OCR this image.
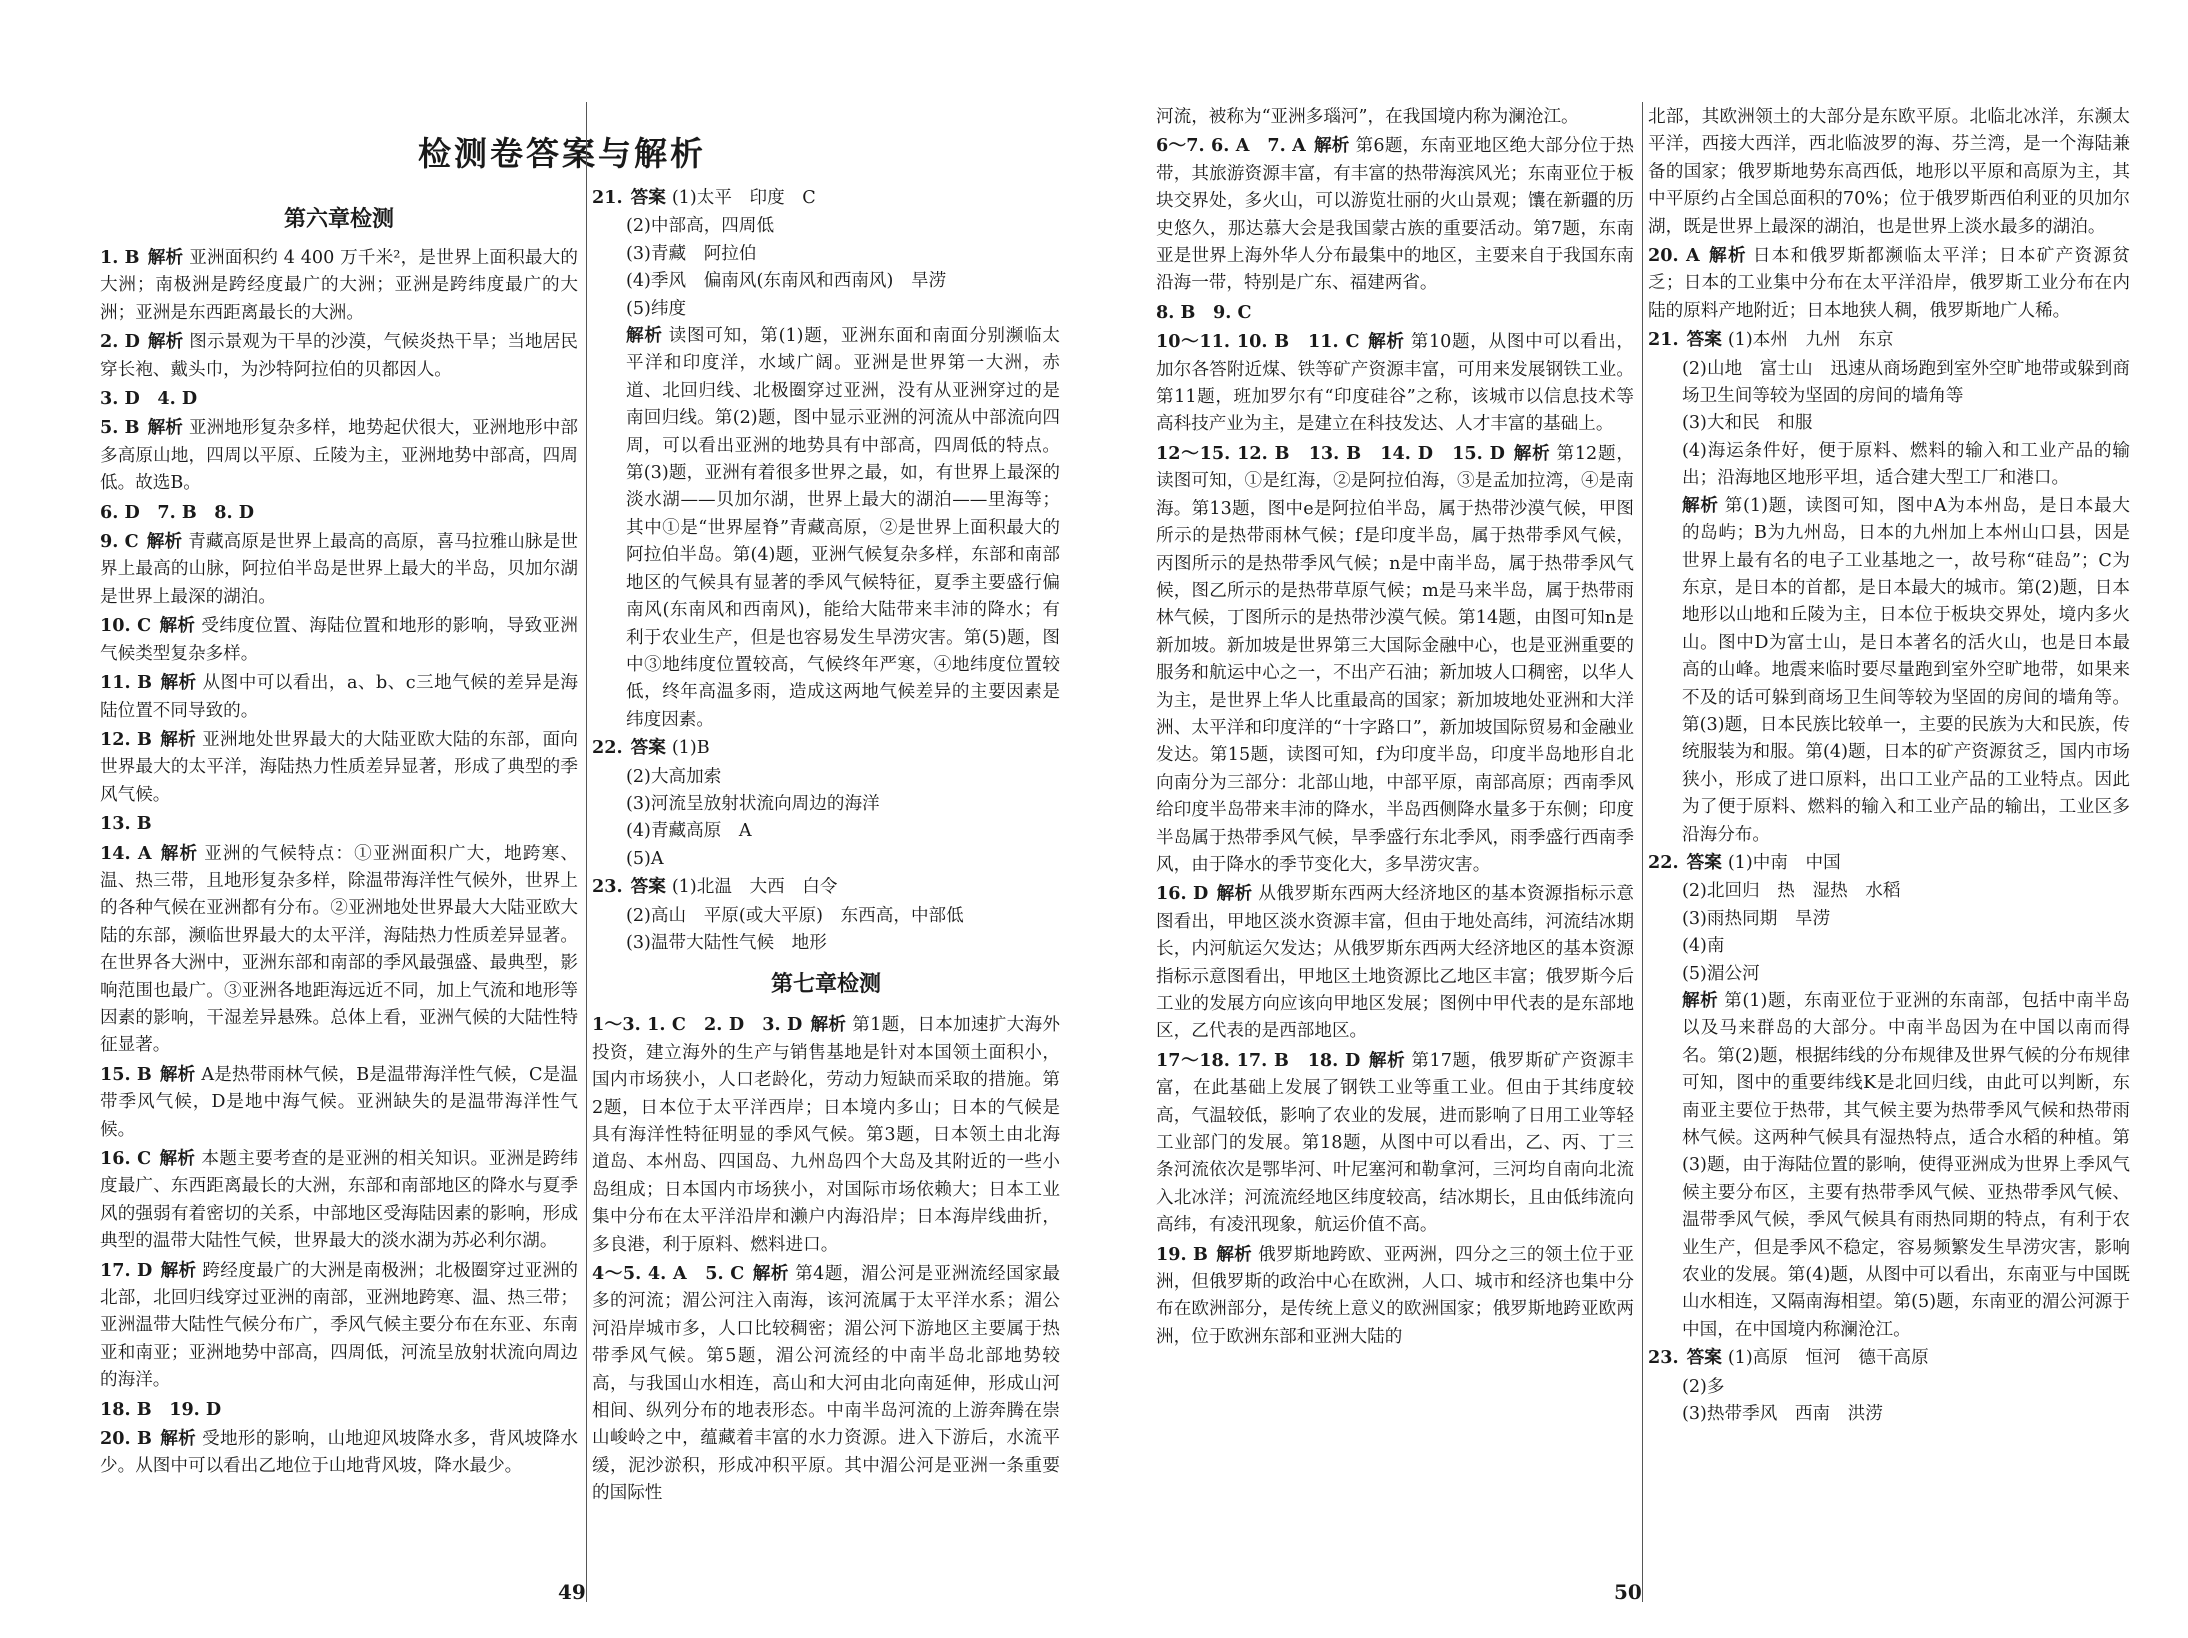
检测卷答案与解析
第六章检测

1. B 解析 亚洲面积约 4 400 万千米²，是世界上面积最大的大洲；南极洲是跨经度最广的大洲；亚洲是跨纬度最广的大洲；亚洲是东西距离最长的大洲。

2. D 解析 图示景观为干旱的沙漠，气候炎热干旱；当地居民穿长袍、戴头巾，为沙特阿拉伯的贝都因人。

3. D　4. D

5. B 解析 亚洲地形复杂多样，地势起伏很大，亚洲地形中部多高原山地，四周以平原、丘陵为主，亚洲地势中部高，四周低。故选B。

6. D　7. B　8. D

9. C 解析 青藏高原是世界上最高的高原，喜马拉雅山脉是世界上最高的山脉，阿拉伯半岛是世界上最大的半岛，贝加尔湖是世界上最深的湖泊。

10. C 解析 受纬度位置、海陆位置和地形的影响，导致亚洲气候类型复杂多样。

11. B 解析 从图中可以看出，a、b、c三地气候的差异是海陆位置不同导致的。

12. B 解析 亚洲地处世界最大的大陆亚欧大陆的东部，面向世界最大的太平洋，海陆热力性质差异显著，形成了典型的季风气候。

13. B

14. A 解析 亚洲的气候特点：①亚洲面积广大，地跨寒、温、热三带，且地形复杂多样，除温带海洋性气候外，世界上的各种气候在亚洲都有分布。②亚洲地处世界最大大陆亚欧大陆的东部，濒临世界最大的太平洋，海陆热力性质差异显著。在世界各大洲中，亚洲东部和南部的季风最强盛、最典型，影响范围也最广。③亚洲各地距海远近不同，加上气流和地形等因素的影响，干湿差异悬殊。总体上看，亚洲气候的大陆性特征显著。

15. B 解析 A是热带雨林气候，B是温带海洋性气候，C是温带季风气候，D是地中海气候。亚洲缺失的是温带海洋性气候。

16. C 解析 本题主要考查的是亚洲的相关知识。亚洲是跨纬度最广、东西距离最长的大洲，东部和南部地区的降水与夏季风的强弱有着密切的关系，中部地区受海陆因素的影响，形成典型的温带大陆性气候，世界最大的淡水湖为苏必利尔湖。

17. D 解析 跨经度最广的大洲是南极洲；北极圈穿过亚洲的北部，北回归线穿过亚洲的南部，亚洲地跨寒、温、热三带；亚洲温带大陆性气候分布广，季风气候主要分布在东亚、东南亚和南亚；亚洲地势中部高，四周低，河流呈放射状流向周边的海洋。

18. B　19. D

20. B 解析 受地形的影响，山地迎风坡降水多，背风坡降水少。从图中可以看出乙地位于山地背风坡，降水最少。

21. 答案 (1)太平　印度　C

(2)中部高，四周低

(3)青藏　阿拉伯

(4)季风　偏南风(东南风和西南风)　旱涝

(5)纬度

解析 读图可知，第(1)题，亚洲东面和南面分别濒临太平洋和印度洋，水域广阔。亚洲是世界第一大洲，赤道、北回归线、北极圈穿过亚洲，没有从亚洲穿过的是南回归线。第(2)题，图中显示亚洲的河流从中部流向四周，可以看出亚洲的地势具有中部高，四周低的特点。第(3)题，亚洲有着很多世界之最，如，有世界上最深的淡水湖——贝加尔湖，世界上最大的湖泊——里海等；其中①是“世界屋脊”青藏高原，②是世界上面积最大的阿拉伯半岛。第(4)题，亚洲气候复杂多样，东部和南部地区的气候具有显著的季风气候特征，夏季主要盛行偏南风(东南风和西南风)，能给大陆带来丰沛的降水；有利于农业生产，但是也容易发生旱涝灾害。第(5)题，图中③地纬度位置较高，气候终年严寒，④地纬度位置较低，终年高温多雨，造成这两地气候差异的主要因素是纬度因素。

22. 答案 (1)B

(2)大高加索

(3)河流呈放射状流向周边的海洋

(4)青藏高原　A

(5)A

23. 答案 (1)北温　大西　白令

(2)高山　平原(或大平原)　东西高，中部低

(3)温带大陆性气候　地形

第七章检测

1～3. 1. C　2. D　3. D 解析 第1题，日本加速扩大海外投资，建立海外的生产与销售基地是针对本国领土面积小，国内市场狭小，人口老龄化，劳动力短缺而采取的措施。第2题，日本位于太平洋西岸；日本境内多山；日本的气候是具有海洋性特征明显的季风气候。第3题，日本领土由北海道岛、本州岛、四国岛、九州岛四个大岛及其附近的一些小岛组成；日本国内市场狭小，对国际市场依赖大；日本工业集中分布在太平洋沿岸和濑户内海沿岸；日本海岸线曲折，多良港，利于原料、燃料进口。

4～5. 4. A　5. C 解析 第4题，湄公河是亚洲流经国家最多的河流；湄公河注入南海，该河流属于太平洋水系；湄公河沿岸城市多，人口比较稠密；湄公河下游地区主要属于热带季风气候。第5题，湄公河流经的中南半岛北部地势较高，与我国山水相连，高山和大河由北向南延伸，形成山河相间、纵列分布的地表形态。中南半岛河流的上游奔腾在崇山峻岭之中，蕴藏着丰富的水力资源。进入下游后，水流平缓，泥沙淤积，形成冲积平原。其中湄公河是亚洲一条重要的国际性

河流，被称为“亚洲多瑙河”，在我国境内称为澜沧江。

6～7. 6. A　7. A 解析 第6题，东南亚地区绝大部分位于热带，其旅游资源丰富，有丰富的热带海滨风光；东南亚位于板块交界处，多火山，可以游览壮丽的火山景观；馕在新疆的历史悠久，那达慕大会是我国蒙古族的重要活动。第7题，东南亚是世界上海外华人分布最集中的地区，主要来自于我国东南沿海一带，特别是广东、福建两省。

8. B　9. C

10～11. 10. B　11. C 解析 第10题，从图中可以看出，加尔各答附近煤、铁等矿产资源丰富，可用来发展钢铁工业。第11题，班加罗尔有“印度硅谷”之称，该城市以信息技术等高科技产业为主，是建立在科技发达、人才丰富的基础上。

12～15. 12. B　13. B　14. D　15. D 解析 第12题，读图可知，①是红海，②是阿拉伯海，③是孟加拉湾，④是南海。第13题，图中e是阿拉伯半岛，属于热带沙漠气候，甲图所示的是热带雨林气候；f是印度半岛，属于热带季风气候，丙图所示的是热带季风气候；n是中南半岛，属于热带季风气候，图乙所示的是热带草原气候；m是马来半岛，属于热带雨林气候，丁图所示的是热带沙漠气候。第14题，由图可知n是新加坡。新加坡是世界第三大国际金融中心，也是亚洲重要的服务和航运中心之一，不出产石油；新加坡人口稠密，以华人为主，是世界上华人比重最高的国家；新加坡地处亚洲和大洋洲、太平洋和印度洋的“十字路口”，新加坡国际贸易和金融业发达。第15题，读图可知，f为印度半岛，印度半岛地形自北向南分为三部分：北部山地，中部平原，南部高原；西南季风给印度半岛带来丰沛的降水，半岛西侧降水量多于东侧；印度半岛属于热带季风气候，旱季盛行东北季风，雨季盛行西南季风，由于降水的季节变化大，多旱涝灾害。

16. D 解析 从俄罗斯东西两大经济地区的基本资源指标示意图看出，甲地区淡水资源丰富，但由于地处高纬，河流结冰期长，内河航运欠发达；从俄罗斯东西两大经济地区的基本资源指标示意图看出，甲地区土地资源比乙地区丰富；俄罗斯今后工业的发展方向应该向甲地区发展；图例中甲代表的是东部地区，乙代表的是西部地区。

17～18. 17. B　18. D 解析 第17题，俄罗斯矿产资源丰富，在此基础上发展了钢铁工业等重工业。但由于其纬度较高，气温较低，影响了农业的发展，进而影响了日用工业等轻工业部门的发展。第18题，从图中可以看出，乙、丙、丁三条河流依次是鄂毕河、叶尼塞河和勒拿河，三河均自南向北流入北冰洋；河流流经地区纬度较高，结冰期长，且由低纬流向高纬，有凌汛现象，航运价值不高。

19. B 解析 俄罗斯地跨欧、亚两洲，四分之三的领土位于亚洲，但俄罗斯的政治中心在欧洲，人口、城市和经济也集中分布在欧洲部分，是传统上意义的欧洲国家；俄罗斯地跨亚欧两洲，位于欧洲东部和亚洲大陆的

北部，其欧洲领土的大部分是东欧平原。北临北冰洋，东濒太平洋，西接大西洋，西北临波罗的海、芬兰湾，是一个海陆兼备的国家；俄罗斯地势东高西低，地形以平原和高原为主，其中平原约占全国总面积的70%；位于俄罗斯西伯利亚的贝加尔湖，既是世界上最深的湖泊，也是世界上淡水最多的湖泊。

20. A 解析 日本和俄罗斯都濒临太平洋；日本矿产资源贫乏；日本的工业集中分布在太平洋沿岸，俄罗斯工业分布在内陆的原料产地附近；日本地狭人稠，俄罗斯地广人稀。

21. 答案 (1)本州　九州　东京

(2)山地　富士山　迅速从商场跑到室外空旷地带或躲到商场卫生间等较为坚固的房间的墙角等

(3)大和民　和服

(4)海运条件好，便于原料、燃料的输入和工业产品的输出；沿海地区地形平坦，适合建大型工厂和港口。

解析 第(1)题，读图可知，图中A为本州岛，是日本最大的岛屿；B为九州岛，日本的九州加上本州山口县，因是世界上最有名的电子工业基地之一，故号称“硅岛”；C为东京，是日本的首都，是日本最大的城市。第(2)题，日本地形以山地和丘陵为主，日本位于板块交界处，境内多火山。图中D为富士山，是日本著名的活火山，也是日本最高的山峰。地震来临时要尽量跑到室外空旷地带，如果来不及的话可躲到商场卫生间等较为坚固的房间的墙角等。第(3)题，日本民族比较单一，主要的民族为大和民族，传统服装为和服。第(4)题，日本的矿产资源贫乏，国内市场狭小，形成了进口原料，出口工业产品的工业特点。因此为了便于原料、燃料的输入和工业产品的输出，工业区多沿海分布。

22. 答案 (1)中南　中国

(2)北回归　热　湿热　水稻

(3)雨热同期　旱涝

(4)南

(5)湄公河

解析 第(1)题，东南亚位于亚洲的东南部，包括中南半岛以及马来群岛的大部分。中南半岛因为在中国以南而得名。第(2)题，根据纬线的分布规律及世界气候的分布规律可知，图中的重要纬线K是北回归线，由此可以判断，东南亚主要位于热带，其气候主要为热带季风气候和热带雨林气候。这两种气候具有湿热特点，适合水稻的种植。第(3)题，由于海陆位置的影响，使得亚洲成为世界上季风气候主要分布区，主要有热带季风气候、亚热带季风气候、温带季风气候，季风气候具有雨热同期的特点，有利于农业生产，但是季风不稳定，容易频繁发生旱涝灾害，影响农业的发展。第(4)题，从图中可以看出，东南亚与中国既山水相连，又隔南海相望。第(5)题，东南亚的湄公河源于中国，在中国境内称澜沧江。

23. 答案 (1)高原　恒河　德干高原

(2)多

(3)热带季风　西南　洪涝

49	50
